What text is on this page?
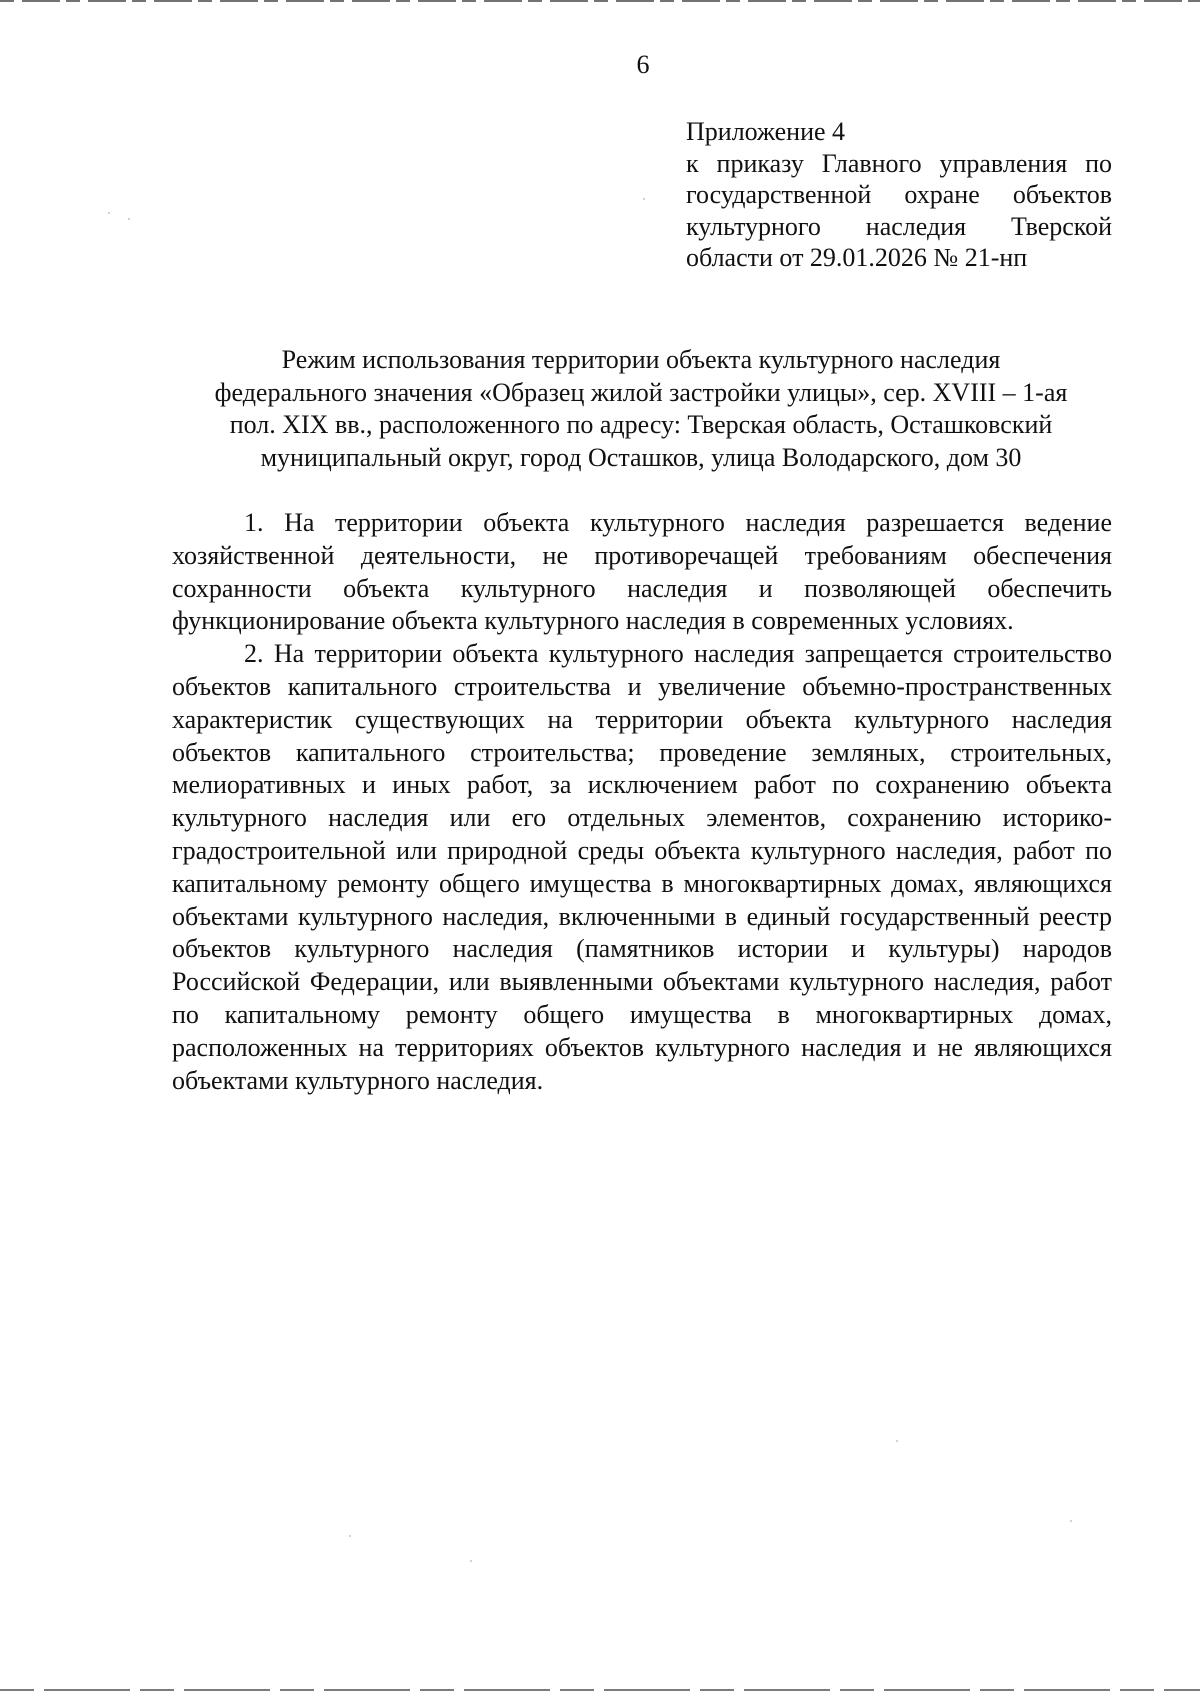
6
Приложение 4
к приказу Главного управления по
государственной охране объектов
культурного наследия Тверской
области от 29.01.2026 № 21-нп
Режим использования территории объекта культурного наследия
федерального значения «Образец жилой застройки улицы», сер. XVIII – 1-ая
пол. XIX вв., расположенного по адресу: Тверская область, Осташковский
муниципальный округ, город Осташков, улица Володарского, дом 30

1. На территории объекта культурного наследия разрешается ведение хозяйственной деятельности, не противоречащей требованиям обеспечения сохранности объекта культурного наследия и позволяющей обеспечить функционирование объекта культурного наследия в современных условиях.

2. На территории объекта культурного наследия запрещается строительство объектов капитального строительства и увеличение объемно-пространственных характеристик существующих на территории объекта культурного наследия объектов капитального строительства; проведение земляных, строительных, мелиоративных и иных работ, за исключением работ по сохранению объекта культурного наследия или его отдельных элементов, сохранению историко-градостроительной или природной среды объекта культурного наследия, работ по капитальному ремонту общего имущества в многоквартирных домах, являющихся объектами культурного наследия, включенными в единый государственный реестр объектов культурного наследия (памятников истории и культуры) народов Российской Федерации, или выявленными объектами культурного наследия, работ по капитальному ремонту общего имущества в многоквартирных домах, расположенных на территориях объектов культурного наследия и не являющихся объектами культурного наследия.
